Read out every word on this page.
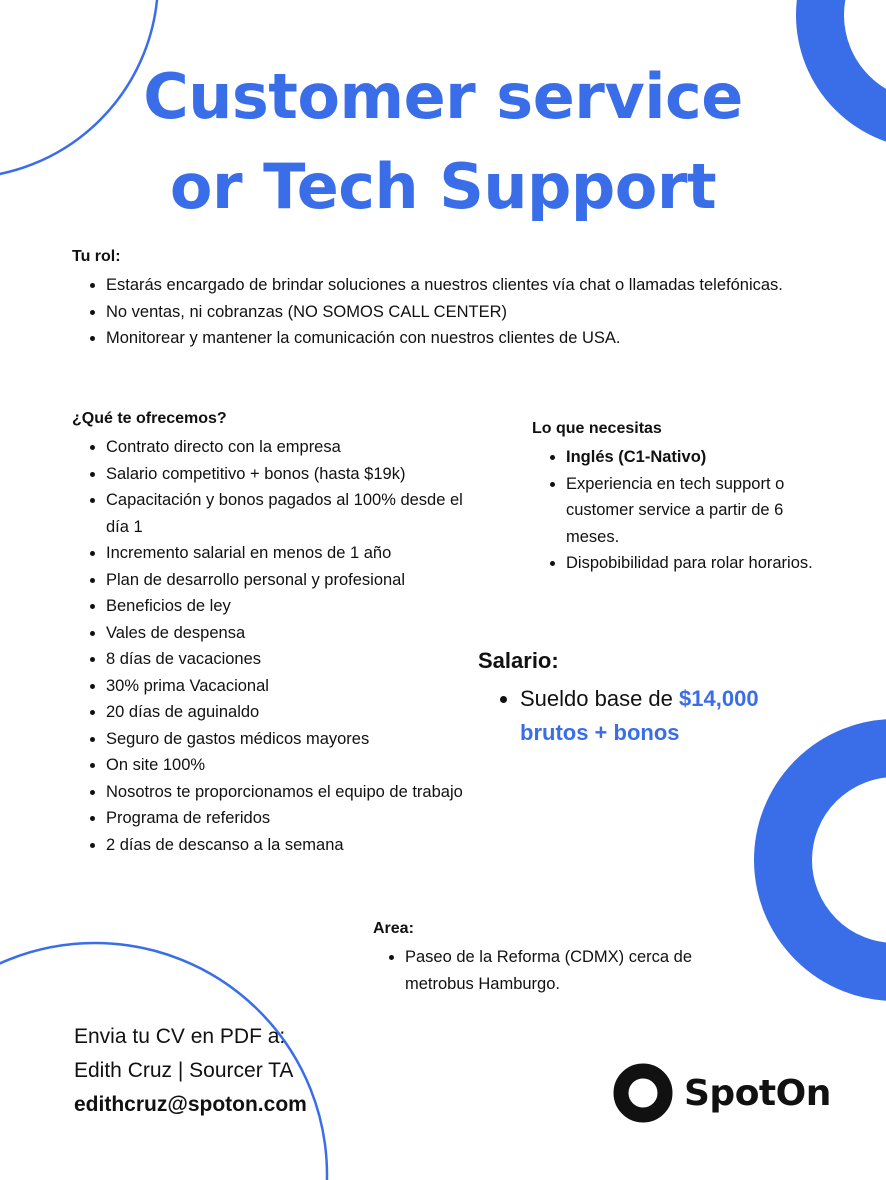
Customer service
or Tech Support
Tu rol:
• Estarás encargado de brindar soluciones a nuestros clientes vía chat o llamadas telefónicas.
• No ventas, ni cobranzas (NO SOMOS CALL CENTER)
• Monitorear y mantener la comunicación con nuestros clientes de USA.
¿Qué te ofrecemos?
• Contrato directo con la empresa
• Salario competitivo + bonos (hasta $19k)
• Capacitación y bonos pagados al 100% desde el día 1
• Incremento salarial en menos de 1 año
• Plan de desarrollo personal y profesional
• Beneficios de ley
• Vales de despensa
• 8 días de vacaciones
• 30% prima Vacacional
• 20 días de aguinaldo
• Seguro de gastos médicos mayores
• On site 100%
• Nosotros te proporcionamos el equipo de trabajo
• Programa de referidos
• 2 días de descanso a la semana
Lo que necesitas
• Inglés (C1-Nativo)
• Experiencia en tech support o customer service a partir de 6 meses.
• Dispobibilidad para rolar horarios.
Salario:
• Sueldo base de $14,000
brutos + bonos
Area:
• Paseo de la Reforma (CDMX) cerca de metrobus Hamburgo.
Envia tu CV en PDF a:
Edith Cruz | Sourcer TA
edithcruz@spoton.com	SpotOn
